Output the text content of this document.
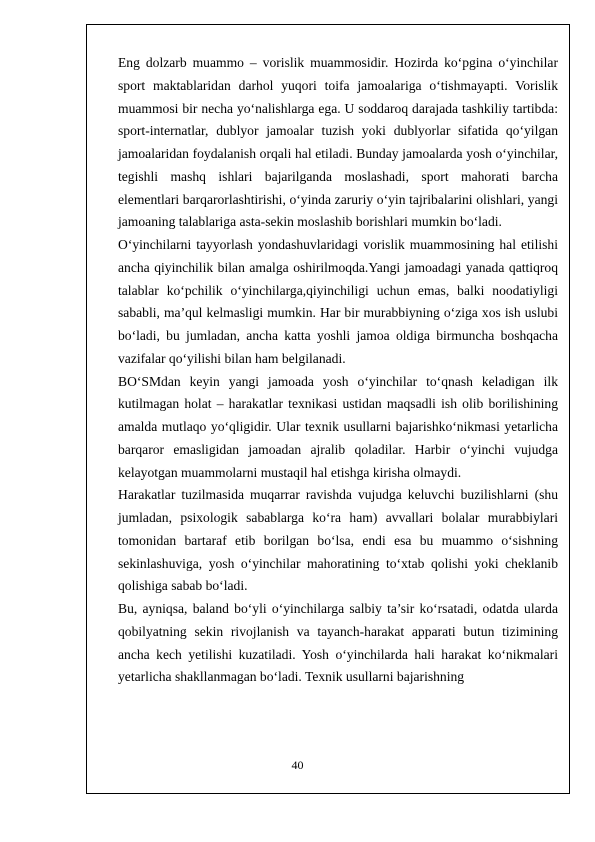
Eng dolzarb muammo – vorislik muammosidir. Hozirda ko‘pgina o‘yinchilar sport maktablaridan darhol yuqori toifa jamoalariga o‘tishmayapti. Vorislik muammosi bir necha yo‘nalishlarga ega. U soddaroq darajada tashkiliy tartibda: sport-internatlar, dublyor jamoalar tuzish yoki dublyorlar sifatida qo‘yilgan jamoalaridan foydalanish orqali hal etiladi. Bunday jamoalarda yosh o‘yinchilar, tegishli mashq ishlari bajarilganda moslashadi, sport mahorati barcha elementlari barqarorlashtirishi, o‘yinda zaruriy o‘yin tajribalarini olishlari, yangi jamoaning talablariga asta-sekin moslashib borishlari mumkin bo‘ladi.

O‘yinchilarni tayyorlash yondashuvlaridagi vorislik muammosining hal etilishi ancha qiyinchilik bilan amalga oshirilmoqda.Yangi jamoadagi yanada qattiqroq talablar ko‘pchilik o‘yinchilarga,qiyinchiligi uchun emas, balki noodatiyligi sababli, ma’qul kelmasligi mumkin. Har bir murabbiyning o‘ziga xos ish uslubi bo‘ladi, bu jumladan, ancha katta yoshli jamoa oldiga birmuncha boshqacha vazifalar qo‘yilishi bilan ham belgilanadi.

BO‘SMdan keyin yangi jamoada yosh o‘yinchilar to‘qnash keladigan ilk kutilmagan holat – harakatlar texnikasi ustidan maqsadli ish olib borilishining amalda mutlaqo yo‘qligidir. Ular texnik usullarni bajarishko‘nikmasi yetarlicha barqaror emasligidan jamoadan ajralib qoladilar. Harbir o‘yinchi vujudga kelayotgan muammolarni mustaqil hal etishga kirisha olmaydi.

Harakatlar tuzilmasida muqarrar ravishda vujudga keluvchi buzilishlarni (shu jumladan, psixologik sabablarga ko‘ra ham) avvallari bolalar murabbiylari tomonidan bartaraf etib borilgan bo‘lsa, endi esa bu muammo o‘sishning sekinlashuviga, yosh o‘yinchilar mahoratining to‘xtab qolishi yoki cheklanib qolishiga sabab bo‘ladi.

Bu, ayniqsa, baland bo‘yli o‘yinchilarga salbiy ta’sir ko‘rsatadi, odatda ularda qobilyatning sekin rivojlanish va tayanch-harakat apparati butun tizimining ancha kech yetilishi kuzatiladi. Yosh o‘yinchilarda hali harakat ko‘nikmalari yetarlicha shakllanmagan bo‘ladi. Texnik usullarni bajarishning

40
